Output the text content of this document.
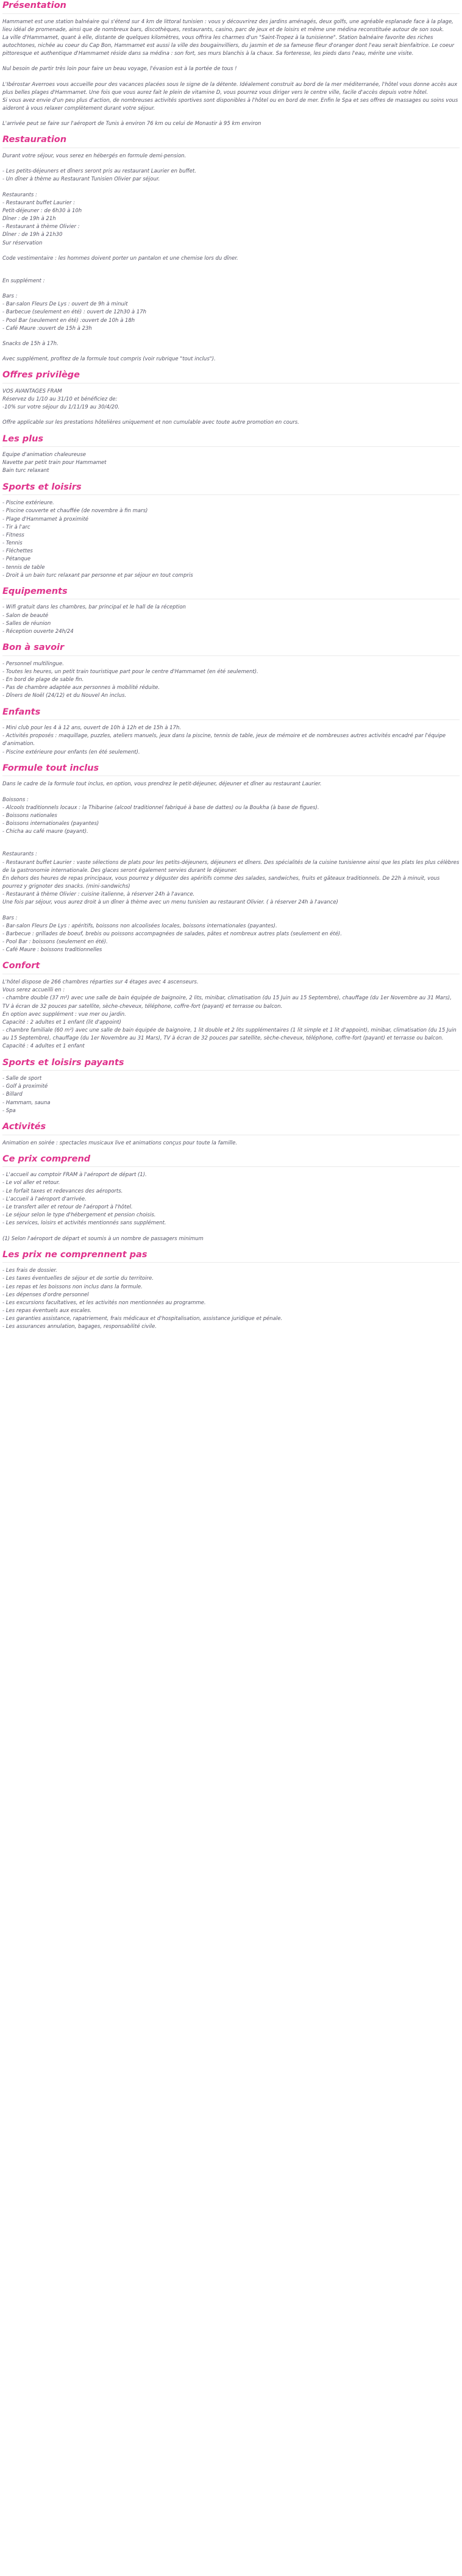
Présentation

Hammamet est une station balnéaire qui s'étend sur 4 km de littoral tunisien : vous y découvrirez des jardins aménagés, deux golfs, une agréable esplanade face à la plage, lieu idéal de promenade, ainsi que de nombreux bars, discothèques, restaurants, casino, parc de jeux et de loisirs et même une médina reconstituée autour de son souk.

La ville d'Hammamet, quant à elle, distante de quelques kilomètres, vous offrira les charmes d'un "Saint-Tropez à la tunisienne". Station balnéaire favorite des riches autochtones, nichée au coeur du Cap Bon, Hammamet est aussi la ville des bougainvilliers, du jasmin et de sa fameuse fleur d'oranger dont l'eau serait bienfaitrice. Le coeur pittoresque et authentique d'Hammamet réside dans sa médina : son fort, ses murs blanchis à la chaux. Sa forteresse, les pieds dans l'eau, mérite une visite.

Nul besoin de partir très loin pour faire un beau voyage, l'évasion est à la portée de tous !

L'Ibérostar Averroes vous accueille pour des vacances placées sous le signe de la détente. Idéalement construit au bord de la mer méditerranée, l'hôtel vous donne accès aux plus belles plages d'Hammamet. Une fois que vous aurez fait le plein de vitamine D, vous pourrez vous diriger vers le centre ville, facile d'accès depuis votre hôtel.

Si vous avez envie d'un peu plus d'action, de nombreuses activités sportives sont disponibles à l'hôtel ou en bord de mer. Enfin le Spa et ses offres de massages ou soins vous aideront à vous relaxer complètement durant votre séjour.

L'arrivée peut se faire sur l'aéroport de Tunis à environ 76 km ou celui de Monastir à 95 km environ

Restauration

Durant votre séjour, vous serez en hébergés en formule demi-pension.

- Les petits-déjeuners et dîners seront pris au restaurant Laurier en buffet.

- Un dîner à thème au Restaurant Tunisien Olivier par séjour.

Restaurants :

- Restaurant buffet Laurier :

Petit-déjeuner : de 6h30 à 10h

Dîner : de 19h à 21h

- Restaurant à thème Olivier :

Dîner : de 19h à 21h30

Sur réservation

Code vestimentaire : les hommes doivent porter un pantalon et une chemise lors du dîner.

En supplément :

Bars :

- Bar-salon Fleurs De Lys : ouvert de 9h à minuit

- Barbecue (seulement en été) : ouvert de 12h30 à 17h

- Pool Bar (seulement en été) :ouvert de 10h à 18h

- Café Maure :ouvert de 15h à 23h

Snacks de 15h à 17h.

Avec supplément, profitez de la formule tout compris (voir rubrique "tout inclus").

Offres privilège

VOS AVANTAGES FRAM

Réservez du 1/10 au 31/10 et bénéficiez de:

-10% sur votre séjour du 1/11/19 au 30/4/20.

Offre applicable sur les prestations hôtelières uniquement et non cumulable avec toute autre promotion en cours.

Les plus

Equipe d'animation chaleureuse

Navette par petit train pour Hammamet

Bain turc relaxant

Sports et loisirs

- Piscine extérieure.

- Piscine couverte et chauffée (de novembre à fin mars)

- Plage d'Hammamet à proximité

- Tir à l'arc

- Fitness

- Tennis

- Fléchettes

- Pétanque

- tennis de table

- Droit à un bain turc relaxant par personne et par séjour en tout compris

Equipements

- Wifi gratuit dans les chambres, bar principal et le hall de la réception

- Salon de beauté

- Salles de réunion

- Réception ouverte 24h/24

Bon à savoir

- Personnel multilingue.

- Toutes les heures, un petit train touristique part pour le centre d'Hammamet (en été seulement).

- En bord de plage de sable fin.

- Pas de chambre adaptée aux personnes à mobilité réduite.

- Dîners de Noël (24/12) et du Nouvel An inclus.

Enfants

- Mini club pour les 4 à 12 ans, ouvert de 10h à 12h et de 15h à 17h.

- Activités proposés : maquillage, puzzles, ateliers manuels, jeux dans la piscine, tennis de table, jeux de mémoire et de nombreuses autres activités encadré par l'équipe d'animation.

- Piscine extérieure pour enfants (en été seulement).

Formule tout inclus

Dans le cadre de la formule tout inclus, en option, vous prendrez le petit-déjeuner, déjeuner et dîner au restaurant Laurier.

Boissons :

- Alcools traditionnels locaux : la Thibarine (alcool traditionnel fabriqué à base de dattes) ou la Boukha (à base de figues).

- Boissons nationales

- Boissons internationales (payantes)

- Chicha au café maure (payant).

Restaurants :

- Restaurant buffet Laurier : vaste sélections de plats pour les petits-déjeuners, déjeuners et dîners. Des spécialités de la cuisine tunisienne ainsi que les plats les plus célèbres de la gastronomie internationale. Des glaces seront également servies durant le déjeuner.

En dehors des heures de repas principaux, vous pourrez y déguster des apéritifs comme des salades, sandwiches, fruits et gâteaux traditionnels. De 22h à minuit, vous pourrez y grignoter des snacks. (mini-sandwichs)

- Restaurant à thème Olivier : cuisine italienne, à réserver 24h à l'avance.

Une fois par séjour, vous aurez droit à un dîner à thème avec un menu tunisien au restaurant Olivier. ( à réserver 24h à l'avance)

Bars :

- Bar-salon Fleurs De Lys : apéritifs, boissons non alcoolisées locales, boissons internationales (payantes).

- Barbecue : grillades de boeuf, brebis ou poissons accompagnées de salades, pâtes et nombreux autres plats (seulement en été).

- Pool Bar : boissons (seulement en été).

- Café Maure : boissons traditionnelles

Confort

L'hôtel dispose de 266 chambres réparties sur 4 étages avec 4 ascenseurs.

Vous serez accueilli en :

- chambre double (37 m²) avec une salle de bain équipée de baignoire, 2 lits, minibar, climatisation (du 15 Juin au 15 Septembre), chauffage (du 1er Novembre au 31 Mars), TV à écran de 32 pouces par satellite, sèche-cheveux, téléphone, coffre-fort (payant) et terrasse ou balcon.

En option avec supplément : vue mer ou jardin.

Capacité : 2 adultes et 1 enfant (lit d'appoint)

- chambre familiale (60 m²) avec une salle de bain équipée de baignoire, 1 lit double et 2 lits supplémentaires (1 lit simple et 1 lit d'appoint), minibar, climatisation (du 15 Juin au 15 Septembre), chauffage (du 1er Novembre au 31 Mars), TV à écran de 32 pouces par satellite, sèche-cheveux, téléphone, coffre-fort (payant) et terrasse ou balcon.

Capacité : 4 adultes et 1 enfant

Sports et loisirs payants

- Salle de sport

- Golf à proximité

- Billard

- Hammam, sauna

- Spa

Activités

Animation en soirée : spectacles musicaux live et animations conçus pour toute la famille.

Ce prix comprend

- L'accueil au comptoir FRAM à l'aéroport de départ (1).

- Le vol aller et retour.

- Le forfait taxes et redevances des aéroports.

- L'accueil à l'aéroport d'arrivée.

- Le transfert aller et retour de l'aéroport à l'hôtel.

- Le séjour selon le type d'hébergement et pension choisis.

- Les services, loisirs et activités mentionnés sans supplément.

(1) Selon l'aéroport de départ et soumis à un nombre de passagers minimum

Les prix ne comprennent pas

- Les frais de dossier.

- Les taxes éventuelles de séjour et de sortie du territoire.

- Les repas et les boissons non inclus dans la formule.

- Les dépenses d'ordre personnel

- Les excursions facultatives, et les activités non mentionnées au programme.

- Les repas éventuels aux escales.

- Les garanties assistance, rapatriement, frais médicaux et d'hospitalisation, assistance juridique et pénale.

- Les assurances annulation, bagages, responsabilité civile.
